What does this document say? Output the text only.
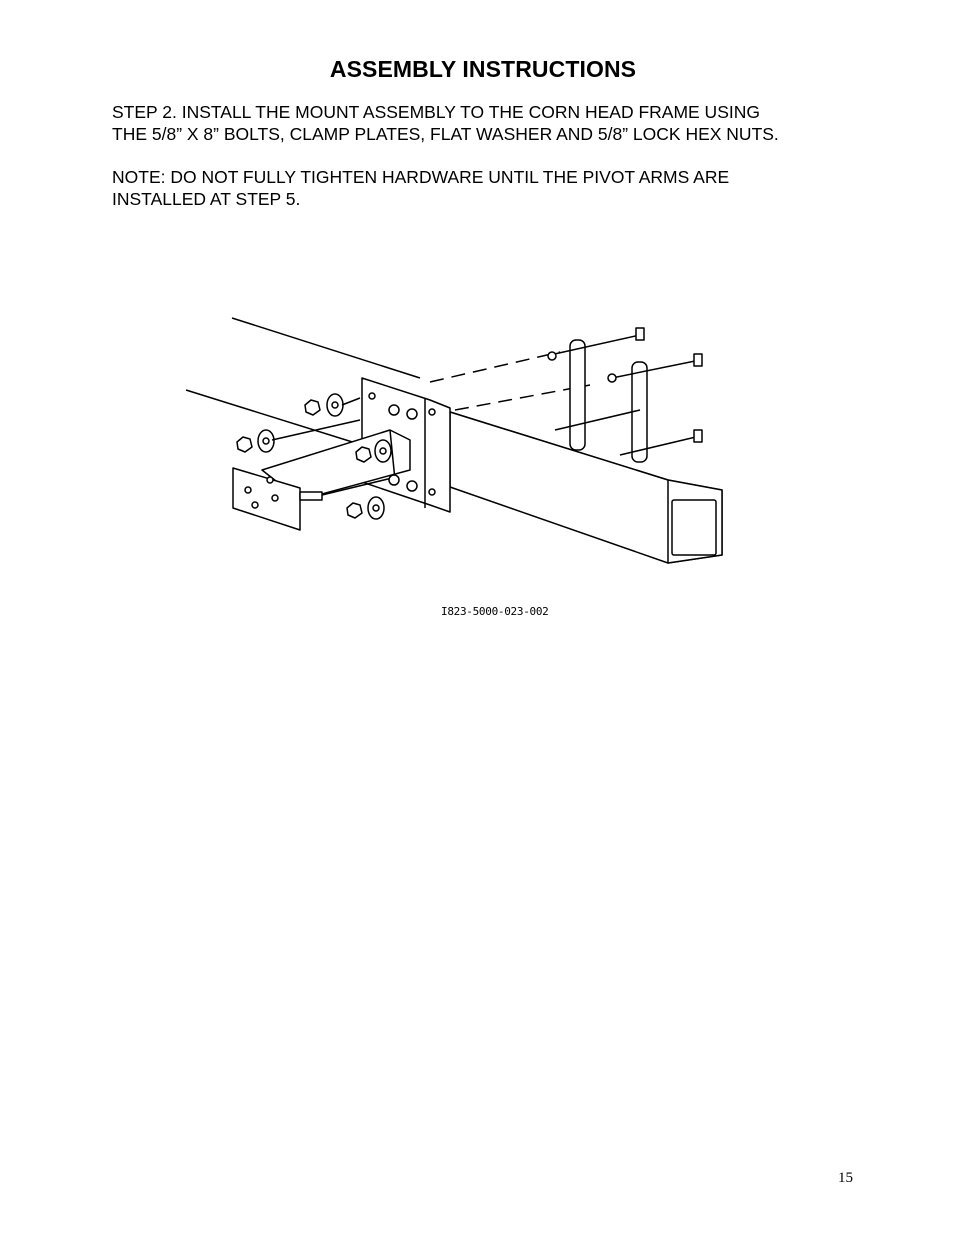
ASSEMBLY INSTRUCTIONS
STEP 2. INSTALL THE MOUNT ASSEMBLY TO THE CORN HEAD FRAME USING
THE 5/8” X 8” BOLTS, CLAMP PLATES, FLAT WASHER AND 5/8” LOCK HEX NUTS.
NOTE: DO NOT FULLY TIGHTEN HARDWARE UNTIL THE PIVOT ARMS ARE
INSTALLED AT STEP 5.
I823-5000-023-002
15
